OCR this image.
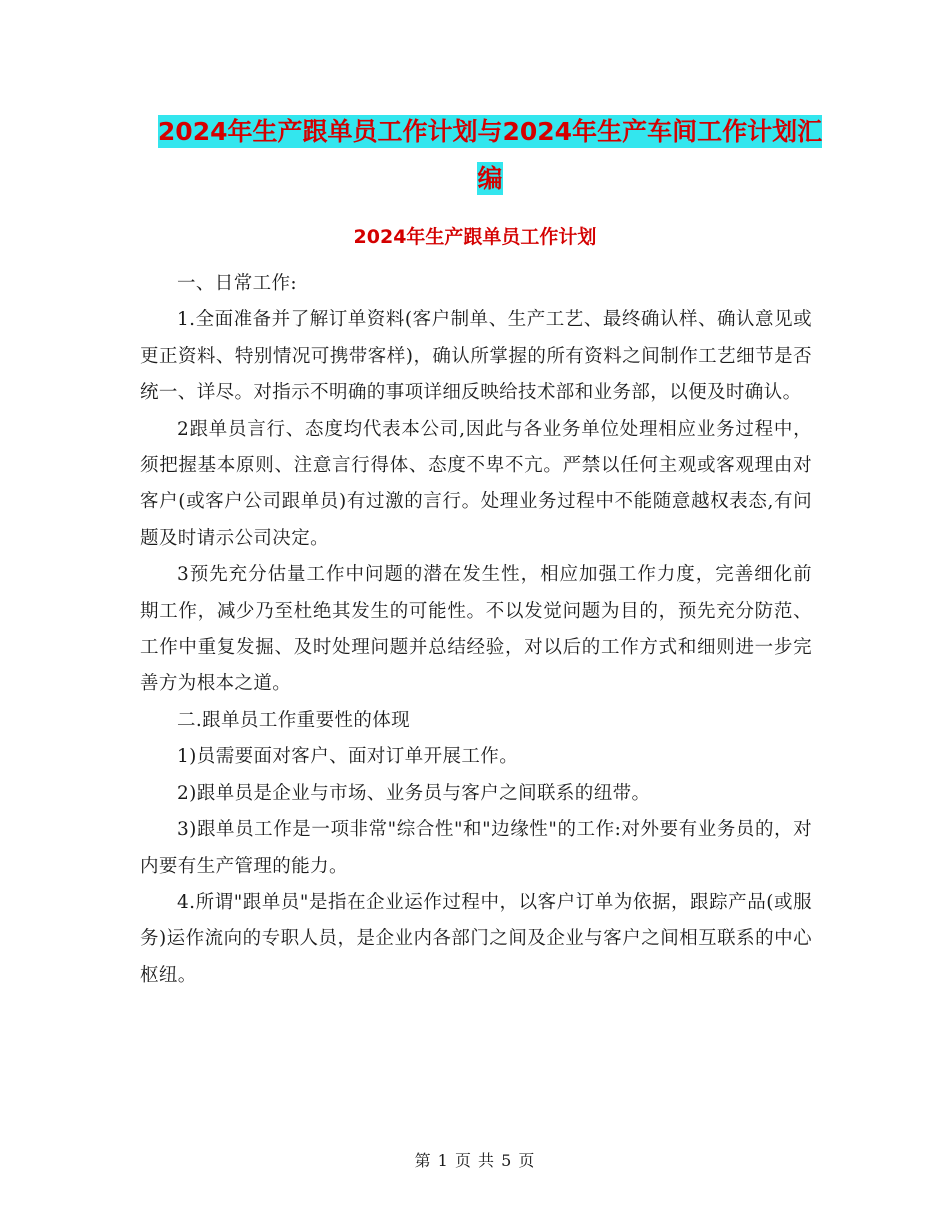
2024年生产跟单员工作计划与2024年生产车间工作计划汇编
2024年生产跟单员工作计划

一、日常工作:

1.全面准备并了解订单资料(客户制单、生产工艺、最终确认样、确认意见或更正资料、特别情况可携带客样)，确认所掌握的所有资料之间制作工艺细节是否统一、详尽。对指示不明确的事项详细反映给技术部和业务部，以便及时确认。

2跟单员言行、态度均代表本公司,因此与各业务单位处理相应业务过程中，须把握基本原则、注意言行得体、态度不卑不亢。严禁以任何主观或客观理由对客户(或客户公司跟单员)有过激的言行。处理业务过程中不能随意越权表态,有问题及时请示公司决定。

3预先充分估量工作中问题的潜在发生性，相应加强工作力度，完善细化前期工作，减少乃至杜绝其发生的可能性。不以发觉问题为目的，预先充分防范、工作中重复发掘、及时处理问题并总结经验，对以后的工作方式和细则进一步完善方为根本之道。

二.跟单员工作重要性的体现

1)员需要面对客户、面对订单开展工作。

2)跟单员是企业与市场、业务员与客户之间联系的纽带。

3)跟单员工作是一项非常"综合性"和"边缘性"的工作:对外要有业务员的，对内要有生产管理的能力。

4.所谓"跟单员"是指在企业运作过程中，以客户订单为依据，跟踪产品(或服务)运作流向的专职人员，是企业内各部门之间及企业与客户之间相互联系的中心枢纽。

第 1 页 共 5 页
